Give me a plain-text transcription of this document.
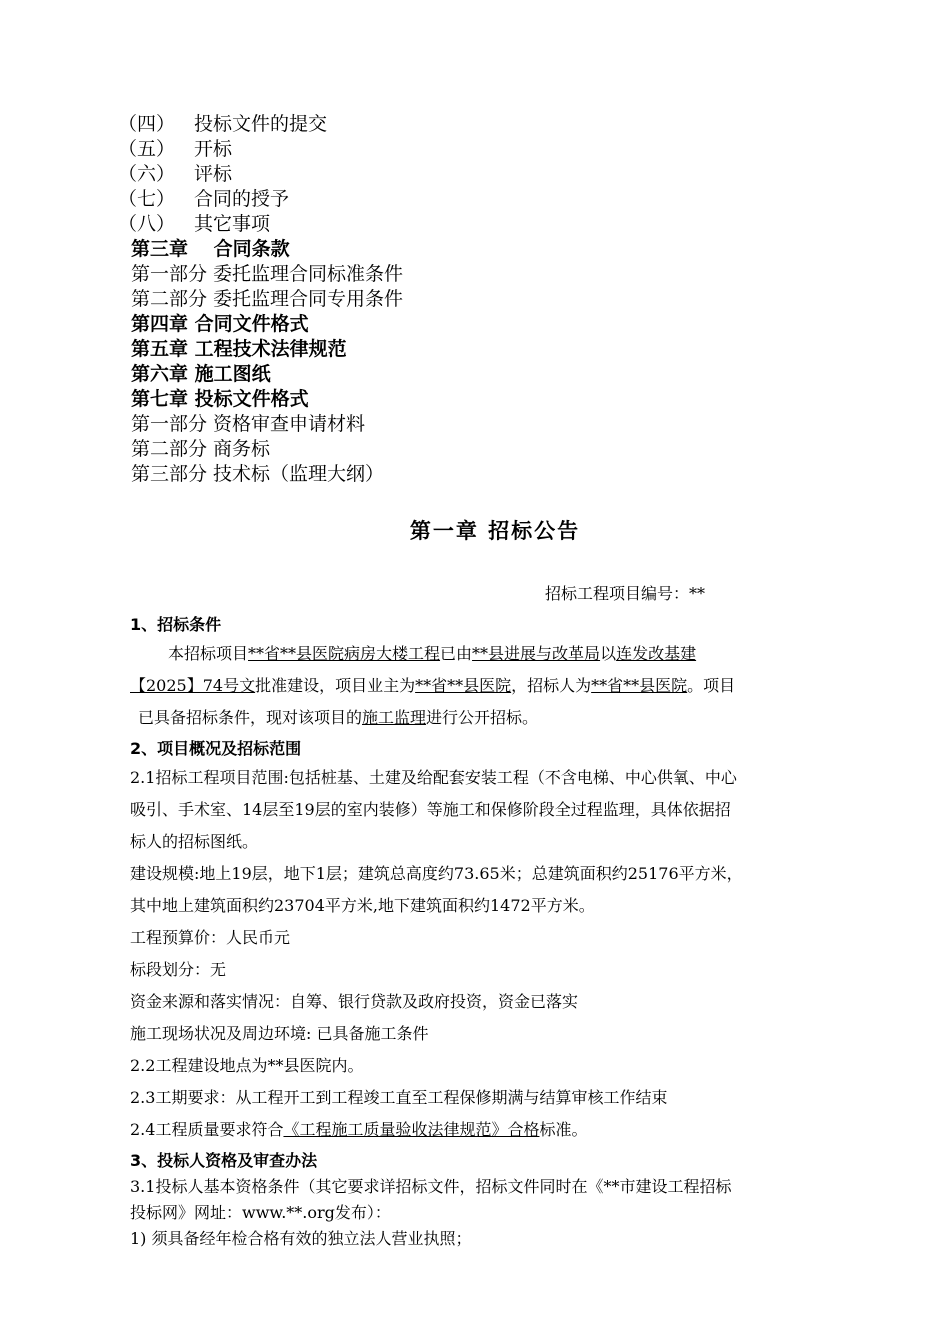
（四） 投标文件的提交
（五） 开标
（六） 评标
（七） 合同的授予
（八） 其它事项
第三章　 合同条款
第一部分 委托监理合同标准条件
第二部分 委托监理合同专用条件
第四章 合同文件格式
第五章 工程技术法律规范
第六章 施工图纸
第七章 投标文件格式
第一部分 资格审查申请材料
第二部分 商务标
第三部分 技术标（监理大纲）
第一章 招标公告
招标工程项目编号：**

1、招标条件

本招标项目**省**县医院病房大楼工程已由**县进展与改革局以连发改基建

【2025】74号文批准建设，项目业主为**省**县医院，招标人为**省**县医院。项目

已具备招标条件，现对该项目的施工监理进行公开招标。

2、项目概况及招标范围

2.1招标工程项目范围:包括桩基、土建及给配套安装工程（不含电梯、中心供氧、中心

吸引、手术室、14层至19层的室内装修）等施工和保修阶段全过程监理，具体依据招

标人的招标图纸。

建设规模:地上19层，地下1层；建筑总高度约73.65米；总建筑面积约25176平方米，

其中地上建筑面积约23704平方米,地下建筑面积约1472平方米。

工程预算价：人民币元

标段划分：无

资金来源和落实情况：自筹、银行贷款及政府投资，资金已落实

施工现场状况及周边环境: 已具备施工条件

2.2工程建设地点为**县医院内。

2.3工期要求：从工程开工到工程竣工直至工程保修期满与结算审核工作结束

2.4工程质量要求符合《工程施工质量验收法律规范》合格标准。

3、投标人资格及审查办法

3.1投标人基本资格条件（其它要求详招标文件，招标文件同时在《**市建设工程招标

投标网》网址：www.**.org发布）：

1) 须具备经年检合格有效的独立法人营业执照；
